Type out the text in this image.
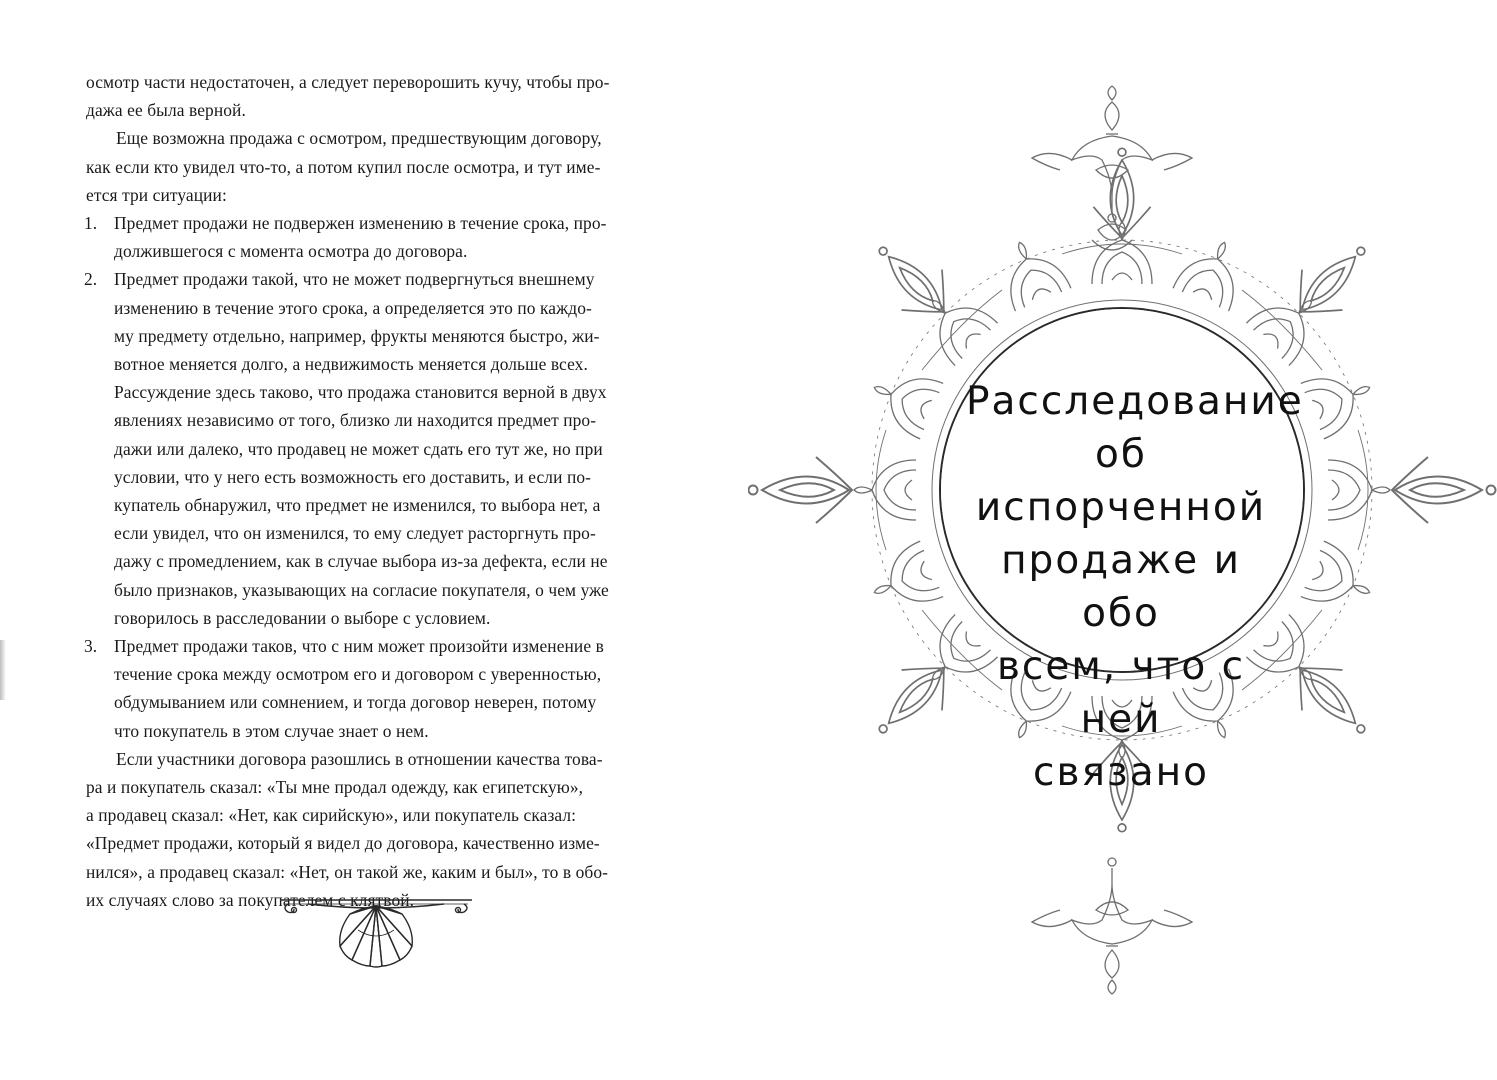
осмотр части недостаточен, а следует переворошить кучу, чтобы про-

дажа ее была верной.

Еще возможна продажа с осмотром, предшествующим договору,

как если кто увидел что-то, а потом купил после осмотра, и тут име-

ется три ситуации:

1. Предмет продажи не подвержен изменению в течение срока, про-
должившегося с момента осмотра до договора.
2. Предмет продажи такой, что не может подвергнуться внешнему
изменению в течение этого срока, а определяется это по каждо-
му предмету отдельно, например, фрукты меняются быстро, жи-
вотное меняется долго, а недвижимость меняется дольше всех.
Рассуждение здесь таково, что продажа становится верной в двух
явлениях независимо от того, близко ли находится предмет про-
дажи или далеко, что продавец не может сдать его тут же, но при
условии, что у него есть возможность его доставить, и если по-
купатель обнаружил, что предмет не изменился, то выбора нет, а
если увидел, что он изменился, то ему следует расторгнуть про-
дажу с промедлением, как в случае выбора из-за дефекта, если не
было признаков, указывающих на согласие покупателя, о чем уже
говорилось в расследовании о выборе с условием.
3. Предмет продажи таков, что с ним может произойти изменение в
течение срока между осмотром его и договором с уверенностью,
обдумыванием или сомнением, и тогда договор неверен, потому
что покупатель в этом случае знает о нем.

Если участники договора разошлись в отношении качества това-

ра и покупатель сказал: «Ты мне продал одежду, как египетскую»,

а продавец сказал: «Нет, как сирийскую», или покупатель сказал:

«Предмет продажи, который я видел до договора, качественно изме-

нился», а продавец сказал: «Нет, он такой же, каким и был», то в обо-

их случаях слово за покупателем с клятвой.

Расследование
об испорченной
продаже и обо
всем, что с ней
связано
